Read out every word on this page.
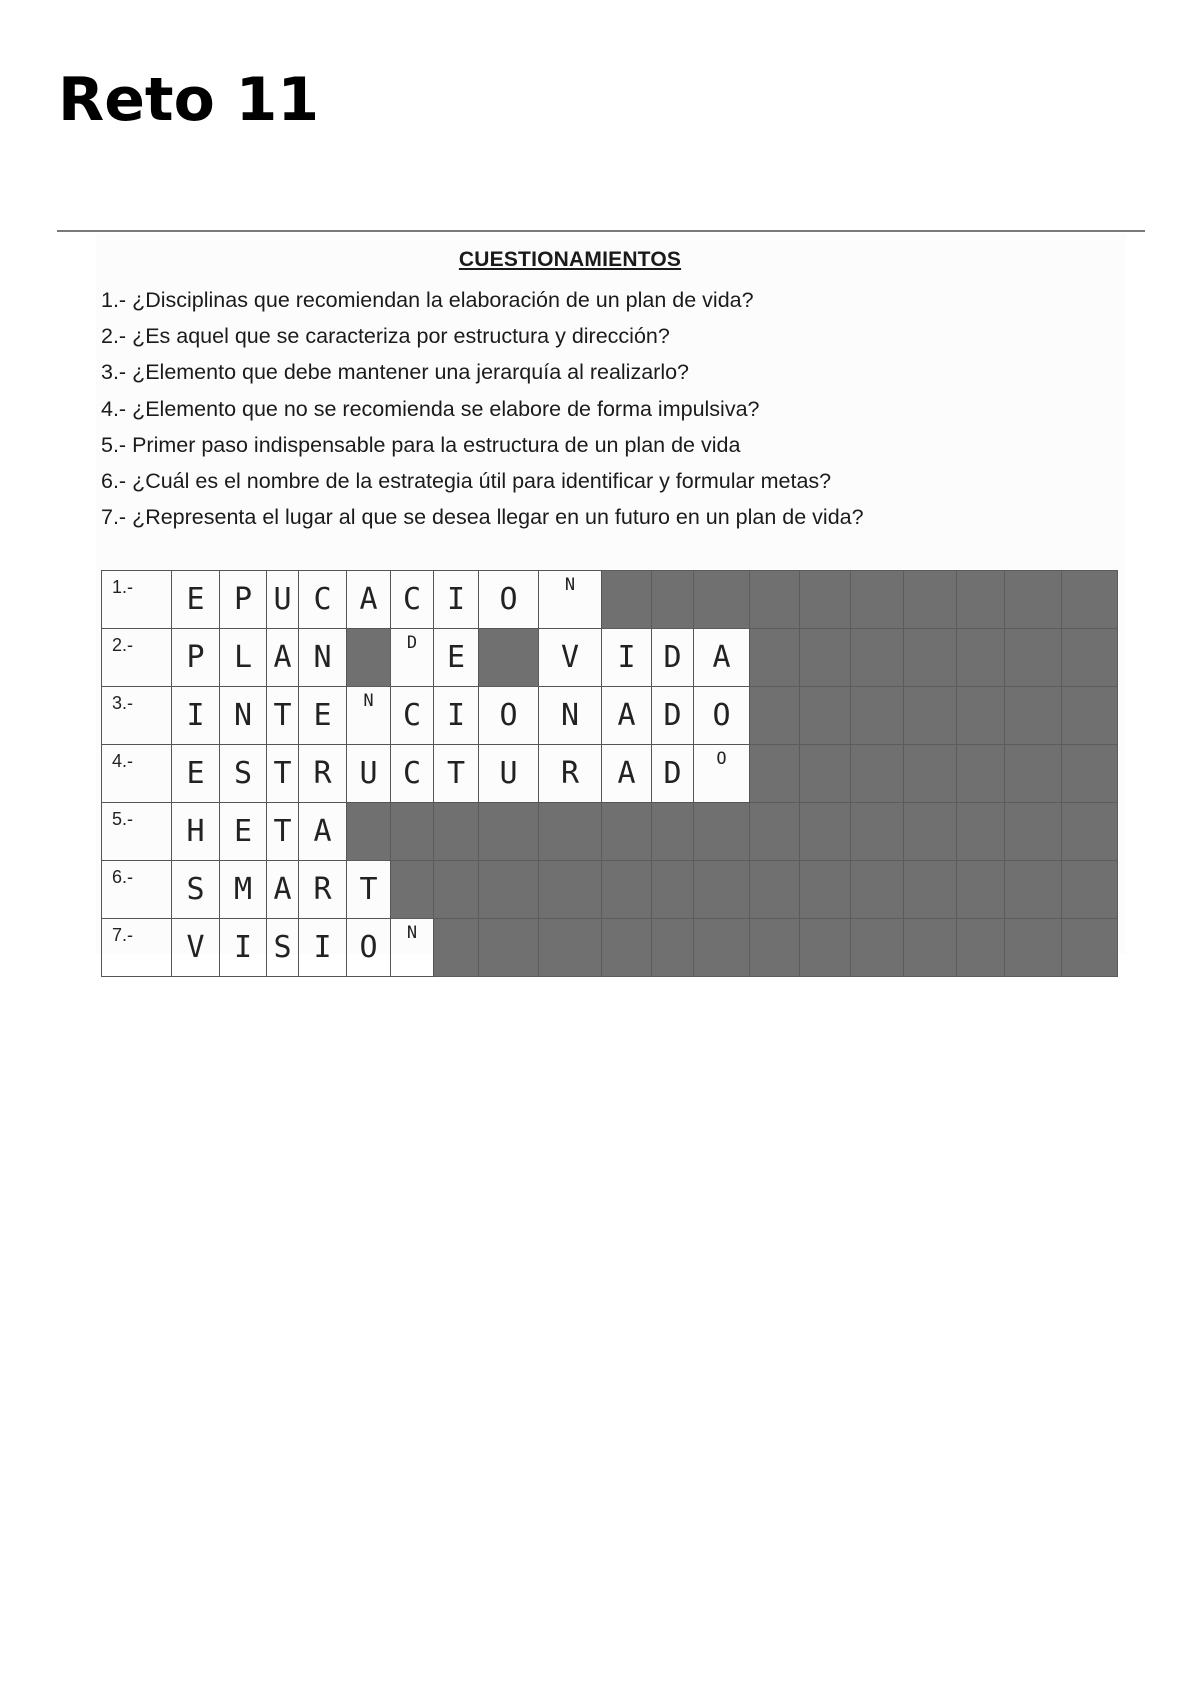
Reto 11
CUESTIONAMIENTOS
1.- ¿Disciplinas que recomiendan la elaboración de un plan de vida?
2.- ¿Es aquel que se caracteriza por estructura y dirección?
3.- ¿Elemento que debe mantener una jerarquía al realizarlo?
4.- ¿Elemento que no se recomienda se elabore de forma impulsiva?
5.- Primer paso indispensable para la estructura de un plan de vida
6.- ¿Cuál es el nombre de la estrategia útil para identificar y formular metas?
7.- ¿Representa el lugar al que se desea llegar en un futuro en un plan de vida?
1.-	E	P	U	C	A	C	I	O	N										
2.-	P	L	A	N		D	E		V	I	D	A							
3.-	I	N	T	E	N	C	I	O	N	A	D	O							
4.-	E	S	T	R	U	C	T	U	R	A	D	O							
5.-	H	E	T	A															
6.-	S	M	A	R	T														
7.-	V	I	S	I	O	N													
